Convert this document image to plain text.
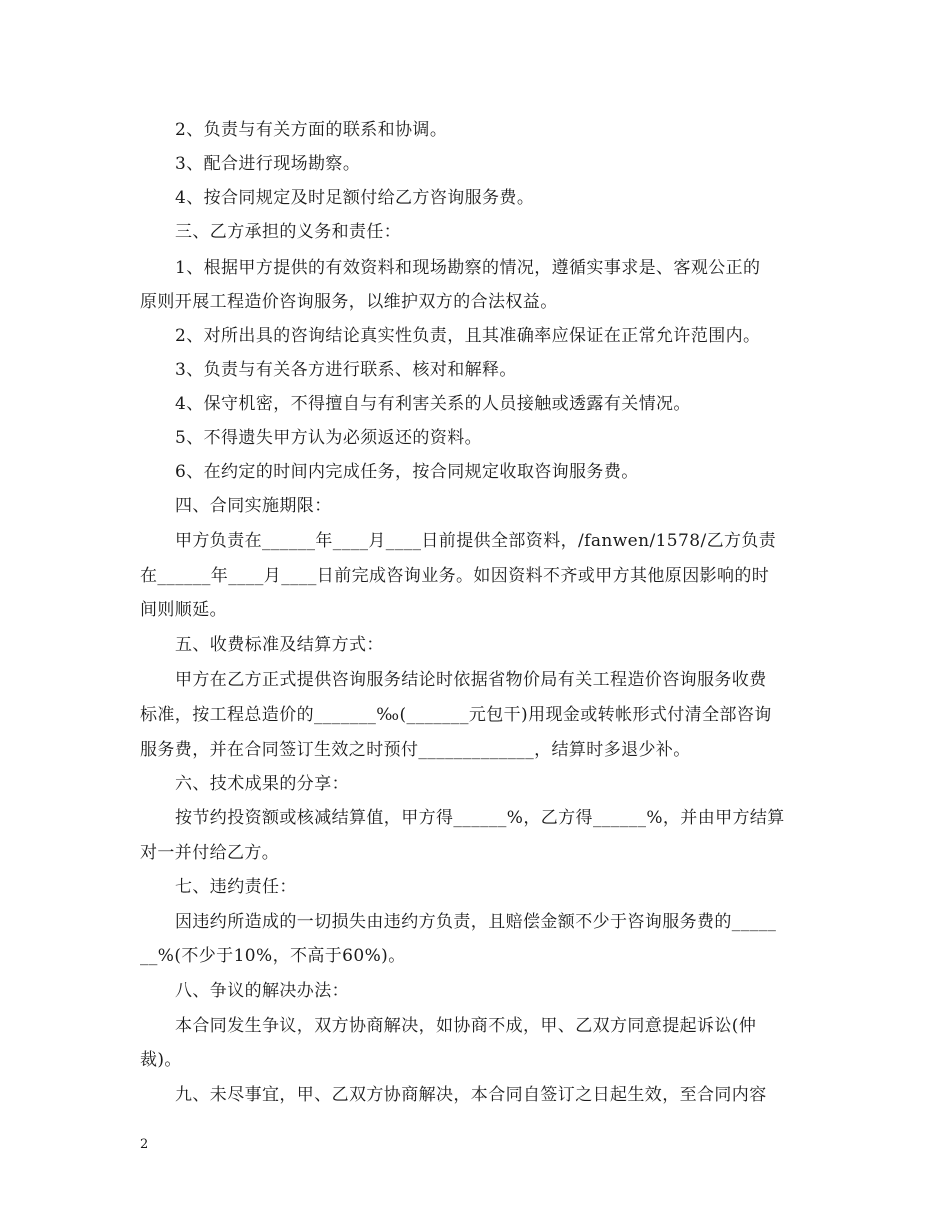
2、负责与有关方面的联系和协调。
3、配合进行现场勘察。
4、按合同规定及时足额付给乙方咨询服务费。
三、乙方承担的义务和责任：
1、根据甲方提供的有效资料和现场勘察的情况，遵循实事求是、客观公正的
原则开展工程造价咨询服务，以维护双方的合法权益。
2、对所出具的咨询结论真实性负责，且其准确率应保证在正常允许范围内。
3、负责与有关各方进行联系、核对和解释。
4、保守机密，不得擅自与有利害关系的人员接触或透露有关情况。
5、不得遗失甲方认为必须返还的资料。
6、在约定的时间内完成任务，按合同规定收取咨询服务费。
四、合同实施期限：
甲方负责在______年____月____日前提供全部资料，/fanwen/1578/乙方负责
在______年____月____日前完成咨询业务。如因资料不齐或甲方其他原因影响的时
间则顺延。
五、收费标准及结算方式：
甲方在乙方正式提供咨询服务结论时依据省物价局有关工程造价咨询服务收费
标准，按工程总造价的_______‰(_______元包干)用现金或转帐形式付清全部咨询
服务费，并在合同签订生效之时预付_____________，结算时多退少补。
六、技术成果的分享：
按节约投资额或核减结算值，甲方得______%，乙方得______%，并由甲方结算
对一并付给乙方。
七、违约责任：
因违约所造成的一切损失由违约方负责，且赔偿金额不少于咨询服务费的_____
__%(不少于10%，不高于60%)。
八、争议的解决办法：
本合同发生争议，双方协商解决，如协商不成，甲、乙双方同意提起诉讼(仲
裁)。
九、未尽事宜，甲、乙双方协商解决，本合同自签订之日起生效，至合同内容
2
